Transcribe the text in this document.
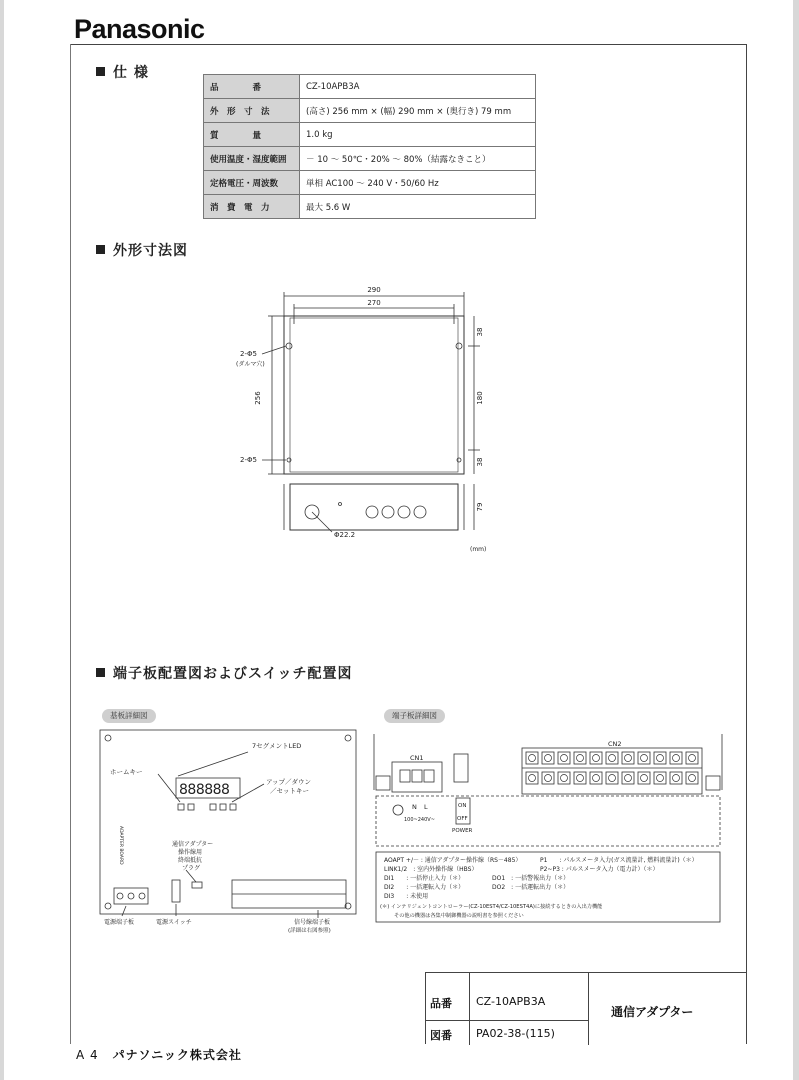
Panasonic
仕 様
品　　　　番	CZ-10APB3A
外　形　寸　法	(高さ) 256 mm × (幅) 290 mm × (奥行き) 79 mm
質　　　　量	1.0 kg
使用温度・湿度範囲	－ 10 ～ 50℃・20% ～ 80%（結露なきこと）
定格電圧・周波数	単相 AC100 ～ 240 V・50/60 Hz
消　費　電　力	最大 5.6 W
外形寸法図
290
270
256
38
180
38
79
2-Φ5
(ダルマ穴)
2-Φ5
Φ22.2
(mm)
端子板配置図およびスイッチ配置図
基板詳細図	端子板詳細図
7セグメントLED
ホームキー
アップ／ダウン
／セットキー
888888
通信アダプター
操作線用
終端抵抗
プラグ
電源端子板	電源スイッチ	信号線端子板
(詳細は右図参照)
ADAPTER BOARD
CN1
CN2
N L
100~240V~
ON
OFF
POWER
AOAPT +/－ : 通信アダプター操作線（RS－485）
LINK1/2　: 室内外操作線（HBS）
DI1　　: 一括停止入力（＊）
DI2　　: 一括運転入力（＊）
DI3　　: 未使用
P1　　: パルスメータ入力(ガス流量計, 燃料流量計)（＊）
P2~P3 : パルスメータ入力（電力計）（＊）
DO1　: 一括警報出力（＊）
DO2　: 一括運転出力（＊）
(＊) インテリジェントコントローラー(CZ-10EST4/CZ-10EST4A)に接続するときの入出力機能
その他の機器は各集中制御機器の説明書を参照ください
品番 CZ-10APB3A
図番 PA02-38-(115)
通信アダプター
A 4 パナソニック株式会社
